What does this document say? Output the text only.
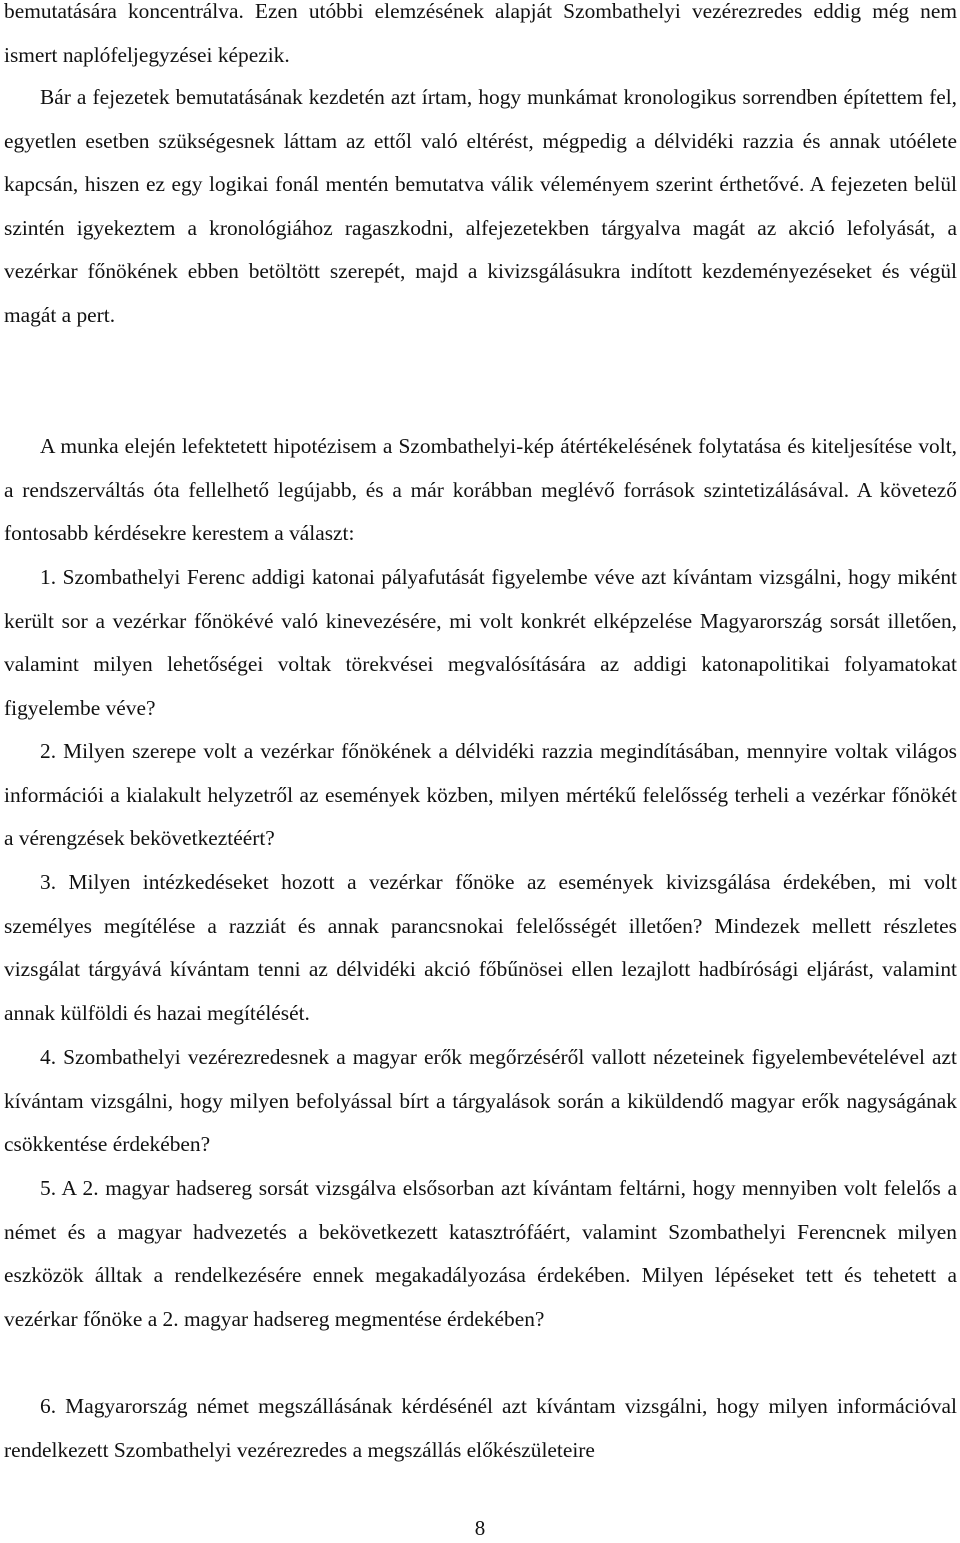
bemutatására koncentrálva. Ezen utóbbi elemzésének alapját Szombathelyi vezérezredes eddig még nem ismert naplófeljegyzései képezik.

Bár a fejezetek bemutatásának kezdetén azt írtam, hogy munkámat kronologikus sorrendben építettem fel, egyetlen esetben szükségesnek láttam az ettől való eltérést, mégpedig a délvidéki razzia és annak utóélete kapcsán, hiszen ez egy logikai fonál mentén bemutatva válik véleményem szerint érthetővé. A fejezeten belül szintén igyekeztem a kronológiához ragaszkodni, alfejezetekben tárgyalva magát az akció lefolyását, a vezérkar főnökének ebben betöltött szerepét, majd a kivizsgálásukra indított kezdeményezéseket és végül magát a pert.

A munka elején lefektetett hipotézisem a Szombathelyi-kép átértékelésének folytatása és kiteljesítése volt, a rendszerváltás óta fellelhető legújabb, és a már korábban meglévő források szintetizálásával. A követező fontosabb kérdésekre kerestem a választ:

1. Szombathelyi Ferenc addigi katonai pályafutását figyelembe véve azt kívántam vizsgálni, hogy miként került sor a vezérkar főnökévé való kinevezésére, mi volt konkrét elképzelése Magyarország sorsát illetően, valamint milyen lehetőségei voltak törekvései megvalósítására az addigi katonapolitikai folyamatokat figyelembe véve?

2. Milyen szerepe volt a vezérkar főnökének a délvidéki razzia megindításában, mennyire voltak világos információi a kialakult helyzetről az események közben, milyen mértékű felelősség terheli a vezérkar főnökét a vérengzések bekövetkeztéért?

3. Milyen intézkedéseket hozott a vezérkar főnöke az események kivizsgálása érdekében, mi volt személyes megítélése a razziát és annak parancsnokai felelősségét illetően? Mindezek mellett részletes vizsgálat tárgyává kívántam tenni az délvidéki akció főbűnösei ellen lezajlott hadbírósági eljárást, valamint annak külföldi és hazai megítélését.

4. Szombathelyi vezérezredesnek a magyar erők megőrzéséről vallott nézeteinek figyelembevételével azt kívántam vizsgálni, hogy milyen befolyással bírt a tárgyalások során a kiküldendő magyar erők nagyságának csökkentése érdekében?

5. A 2. magyar hadsereg sorsát vizsgálva elsősorban azt kívántam feltárni, hogy mennyiben volt felelős a német és a magyar hadvezetés a bekövetkezett katasztrófáért, valamint Szombathelyi Ferencnek milyen eszközök álltak a rendelkezésére ennek megakadályozása érdekében. Milyen lépéseket tett és tehetett a vezérkar főnöke a 2. magyar hadsereg megmentése érdekében?

6. Magyarország német megszállásának kérdésénél azt kívántam vizsgálni, hogy milyen információval rendelkezett Szombathelyi vezérezredes a megszállás előkészületeire

8
